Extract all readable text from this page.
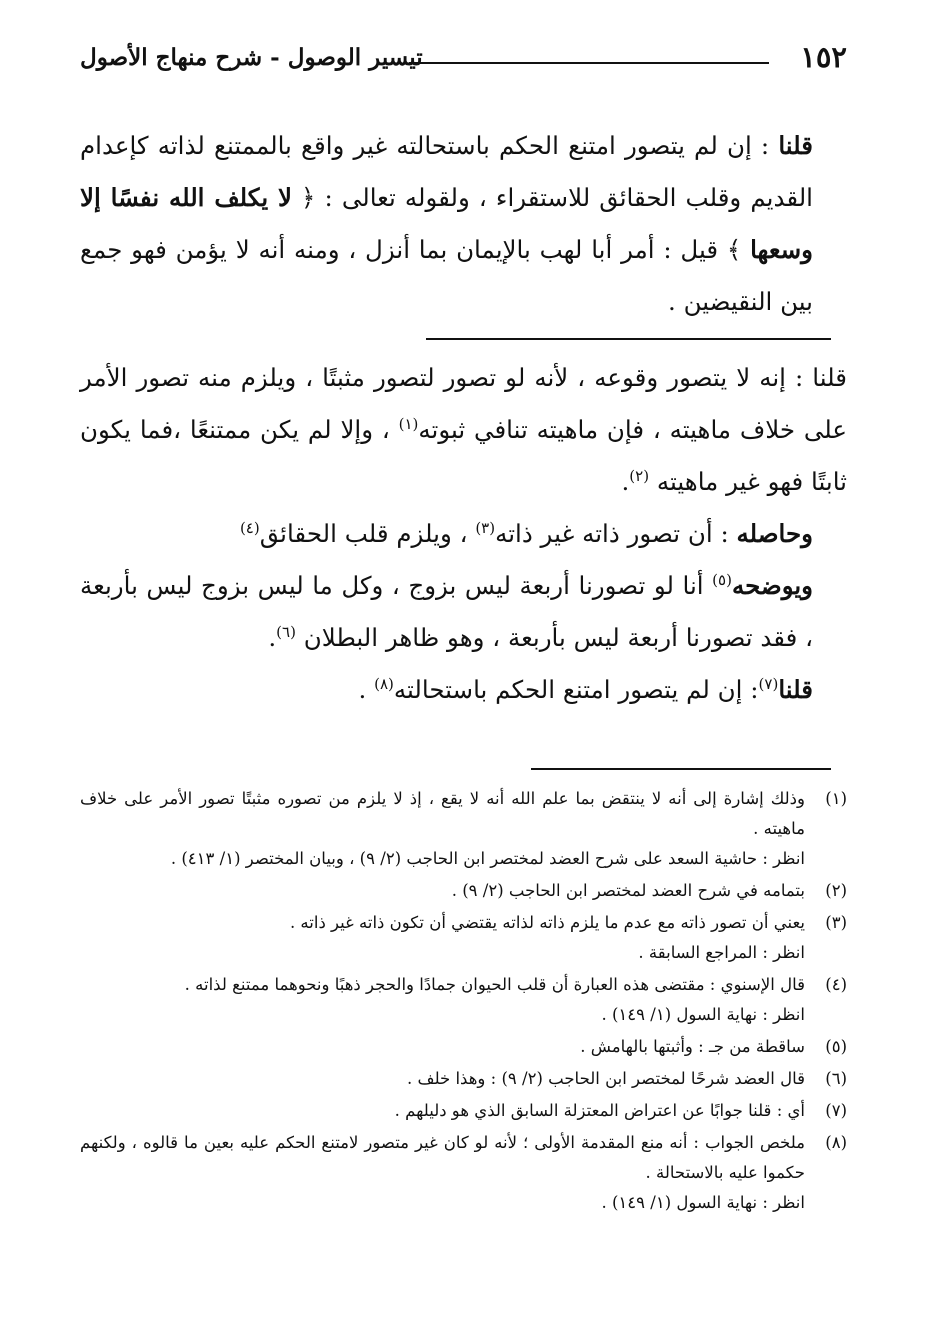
١٥٢
تيسير الوصول - شرح منهاج الأصول

قلنا : إن لم يتصور امتنع الحكم باستحالته غير واقع بالممتنع لذاته كإعدام القديم وقلب الحقائق للاستقراء ، ولقوله تعالى : ﴿ لا يكلف الله نفسًا إلا وسعها ﴾ قيل : أمر أبا لهب بالإيمان بما أنزل ، ومنه أنه لا يؤمن فهو جمع بين النقيضين .

قلنا : إنه لا يتصور وقوعه ، لأنه لو تصور لتصور مثبتًا ، ويلزم منه تصور الأمر على خلاف ماهيته ، فإن ماهيته تنافي ثبوته$^{(١)}$ ، وإلا لم يكن ممتنعًا ،فما يكون ثابتًا فهو غير ماهيته $^{(٢)}$.

وحاصله : أن تصور ذاته غير ذاته$^{(٣)}$ ، ويلزم قلب الحقائق$^{(٤)}$

ويوضحه$^{(٥)}$ أنا لو تصورنا أربعة ليس بزوج ، وكل ما ليس بزوج ليس بأربعة ، فقد تصورنا أربعة ليس بأربعة ، وهو ظاهر البطلان $^{(٦)}$.

قلنا$^{(٧)}$: إن لم يتصور امتنع الحكم باستحالته$^{(٨)}$ .

(١)
وذلك إشارة إلى أنه لا ينتقض بما علم الله أنه لا يقع ، إذ لا يلزم من تصوره مثبتًا تصور الأمر على خلاف ماهيته .
انظر : حاشية السعد على شرح العضد لمختصر ابن الحاجب (٢/ ٩) ، وبيان المختصر (١/ ٤١٣) .
(٢)
بتمامه في شرح العضد لمختصر ابن الحاجب (٢/ ٩) .
(٣)
يعني أن تصور ذاته مع عدم ما يلزم ذاته لذاته يقتضي أن تكون ذاته غير ذاته .
انظر : المراجع السابقة .
(٤)
قال الإسنوي : مقتضى هذه العبارة أن قلب الحيوان جمادًا والحجر ذهبًا ونحوهما ممتنع لذاته .
انظر : نهاية السول (١/ ١٤٩) .
(٥)
ساقطة من جـ : وأثبتها بالهامش .
(٦)
قال العضد شرحًا لمختصر ابن الحاجب (٢/ ٩) : وهذا خلف .
(٧)
أي : قلنا جوابًا عن اعتراض المعتزلة السابق الذي هو دليلهم .
(٨)
ملخص الجواب : أنه منع المقدمة الأولى ؛ لأنه لو كان غير متصور لامتنع الحكم عليه بعين ما قالوه ، ولكنهم حكموا عليه بالاستحالة .
انظر : نهاية السول (١/ ١٤٩) .
